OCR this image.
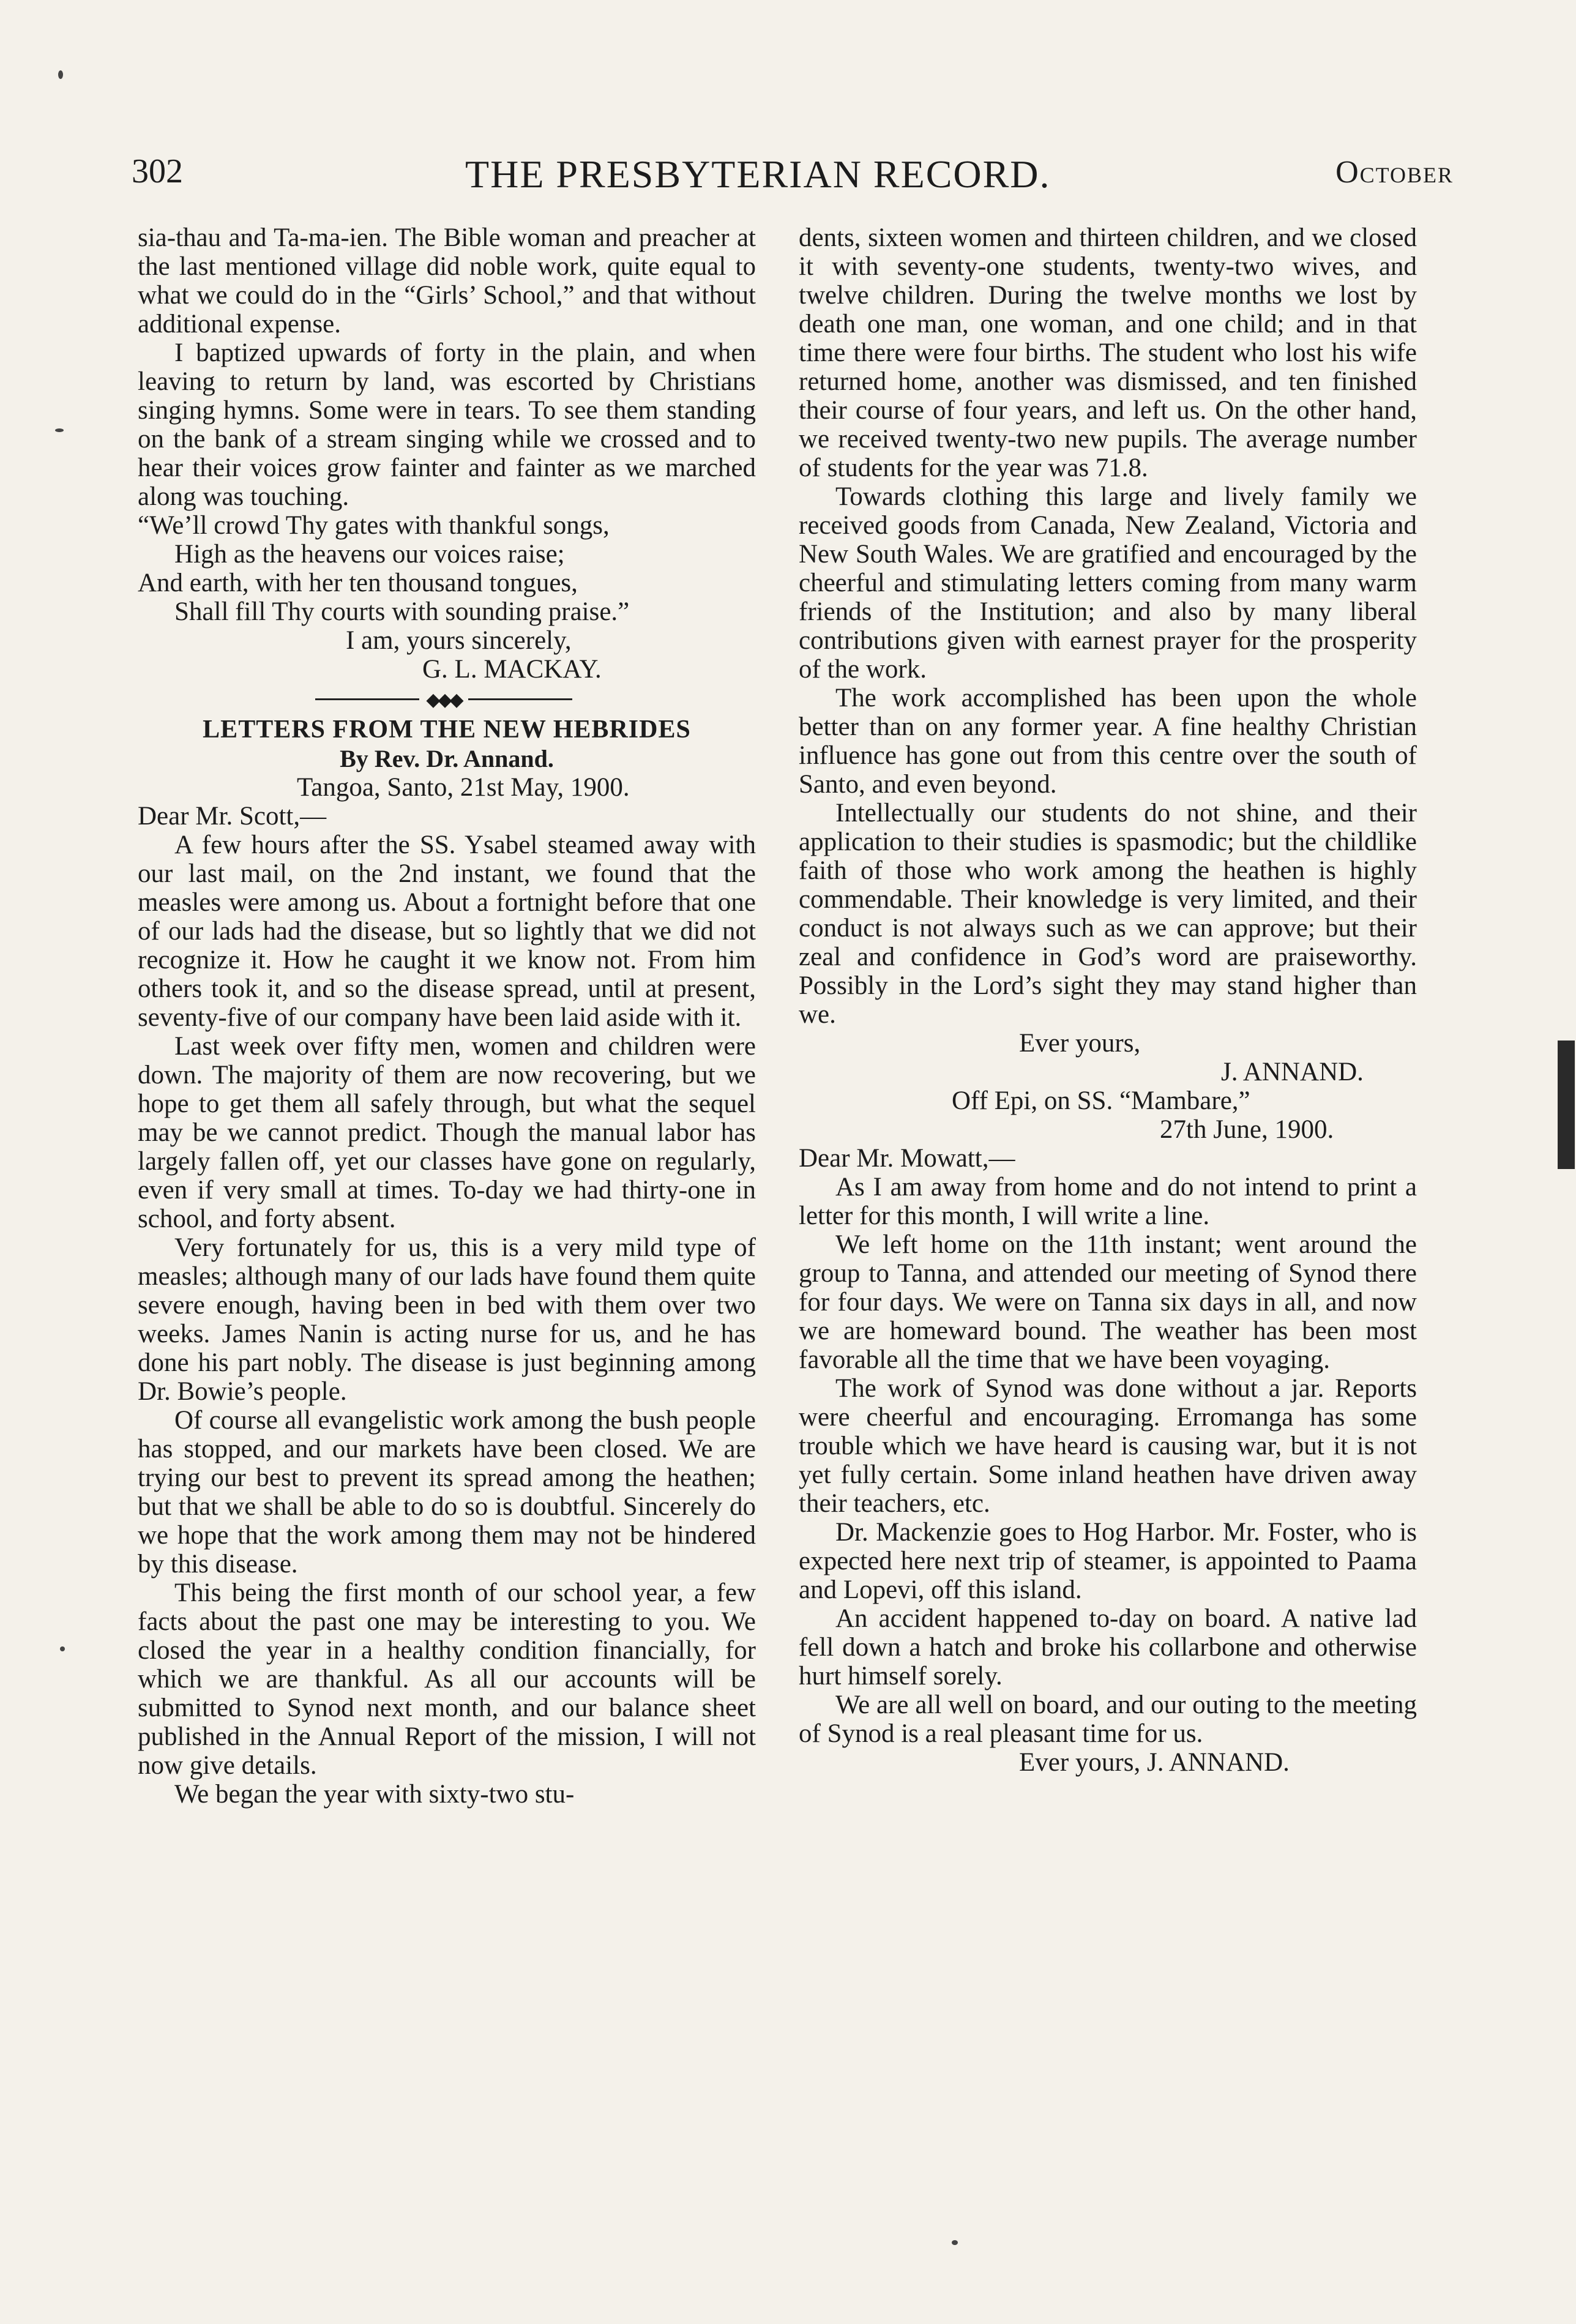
302	THE PRESBYTERIAN RECORD.	October

sia-thau and Ta-ma-ien. The Bible woman and preacher at the last mentioned village did noble work, quite equal to what we could do in the “Girls’ School,” and that without additional expense.

I baptized upwards of forty in the plain, and when leaving to return by land, was escorted by Christians singing hymns. Some were in tears. To see them standing on the bank of a stream singing while we crossed and to hear their voices grow fainter and fainter as we marched along was touching.

“We’ll crowd Thy gates with thankful songs,
High as the heavens our voices raise;
And earth, with her ten thousand tongues,
Shall fill Thy courts with sounding praise.”
I am, yours sincerely,
G. L. MACKAY.
◆◆◆
LETTERS FROM THE NEW HEBRIDES
By Rev. Dr. Annand.
Tangoa, Santo, 21st May, 1900.
Dear Mr. Scott,—

A few hours after the SS. Ysabel steamed away with our last mail, on the 2nd instant, we found that the measles were among us. About a fortnight before that one of our lads had the disease, but so lightly that we did not recognize it. How he caught it we know not. From him others took it, and so the disease spread, until at present, seventy-five of our company have been laid aside with it.

Last week over fifty men, women and children were down. The majority of them are now recovering, but we hope to get them all safely through, but what the sequel may be we cannot predict. Though the manual labor has largely fallen off, yet our classes have gone on regularly, even if very small at times. To-day we had thirty-one in school, and forty absent.

Very fortunately for us, this is a very mild type of measles; although many of our lads have found them quite severe enough, having been in bed with them over two weeks. James Nanin is acting nurse for us, and he has done his part nobly. The disease is just beginning among Dr. Bowie’s people.

Of course all evangelistic work among the bush people has stopped, and our markets have been closed. We are trying our best to prevent its spread among the heathen; but that we shall be able to do so is doubtful. Sincerely do we hope that the work among them may not be hindered by this disease.

This being the first month of our school year, a few facts about the past one may be interesting to you. We closed the year in a healthy condition financially, for which we are thankful. As all our accounts will be submitted to Synod next month, and our balance sheet published in the Annual Report of the mission, I will not now give details.

We began the year with sixty-two stu-

dents, sixteen women and thirteen children, and we closed it with seventy-one students, twenty-two wives, and twelve children. During the twelve months we lost by death one man, one woman, and one child; and in that time there were four births. The student who lost his wife returned home, another was dismissed, and ten finished their course of four years, and left us. On the other hand, we received twenty-two new pupils. The average number of students for the year was 71.8.

Towards clothing this large and lively family we received goods from Canada, New Zealand, Victoria and New South Wales. We are gratified and encouraged by the cheerful and stimulating letters coming from many warm friends of the Institution; and also by many liberal contributions given with earnest prayer for the prosperity of the work.

The work accomplished has been upon the whole better than on any former year. A fine healthy Christian influence has gone out from this centre over the south of Santo, and even beyond.

Intellectually our students do not shine, and their application to their studies is spasmodic; but the childlike faith of those who work among the heathen is highly commendable. Their knowledge is very limited, and their conduct is not always such as we can approve; but their zeal and confidence in God’s word are praiseworthy. Possibly in the Lord’s sight they may stand higher than we.

Ever yours,
J. ANNAND.
Off Epi, on SS. “Mambare,”
27th June, 1900.
Dear Mr. Mowatt,—

As I am away from home and do not intend to print a letter for this month, I will write a line.

We left home on the 11th instant; went around the group to Tanna, and attended our meeting of Synod there for four days. We were on Tanna six days in all, and now we are homeward bound. The weather has been most favorable all the time that we have been voyaging.

The work of Synod was done without a jar. Reports were cheerful and encouraging. Erromanga has some trouble which we have heard is causing war, but it is not yet fully certain. Some inland heathen have driven away their teachers, etc.

Dr. Mackenzie goes to Hog Harbor. Mr. Foster, who is expected here next trip of steamer, is appointed to Paama and Lopevi, off this island.

An accident happened to-day on board. A native lad fell down a hatch and broke his collarbone and otherwise hurt himself sorely.

We are all well on board, and our outing to the meeting of Synod is a real pleasant time for us.

Ever yours, J. ANNAND.
